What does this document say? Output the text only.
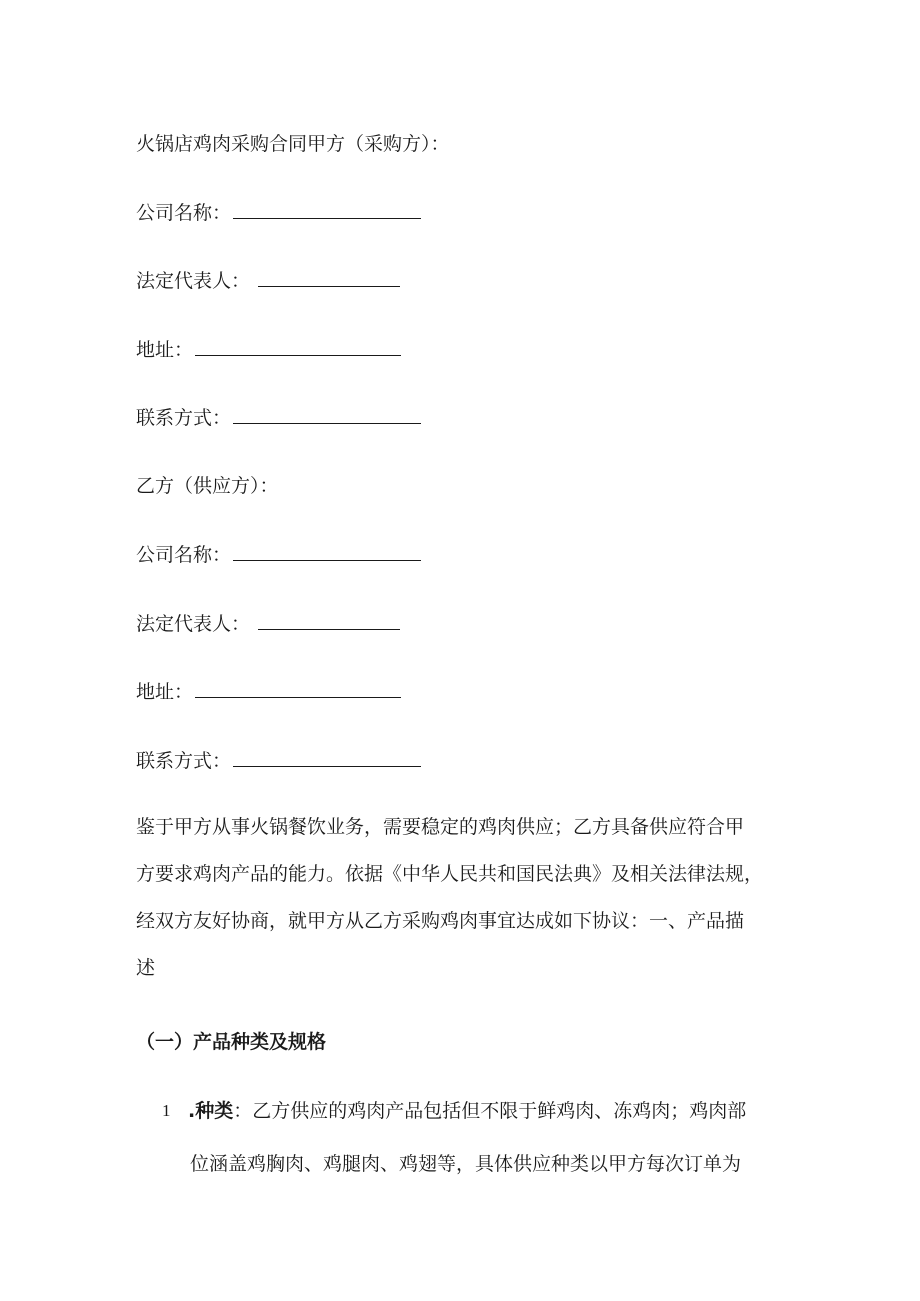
火锅店鸡肉采购合同甲方（采购方）：
公司名称：
法定代表人：
地址：
联系方式：
乙方（供应方）：
公司名称：
法定代表人：
地址：
联系方式：
鉴于甲方从事火锅餐饮业务，需要稳定的鸡肉供应；乙方具备供应符合甲
方要求鸡肉产品的能力。依据《中华人民共和国民法典》及相关法律法规，
经双方友好协商，就甲方从乙方采购鸡肉事宜达成如下协议：一、产品描
述
（一）产品种类及规格
1 .种类：乙方供应的鸡肉产品包括但不限于鲜鸡肉、冻鸡肉；鸡肉部
位涵盖鸡胸肉、鸡腿肉、鸡翅等，具体供应种类以甲方每次订单为
